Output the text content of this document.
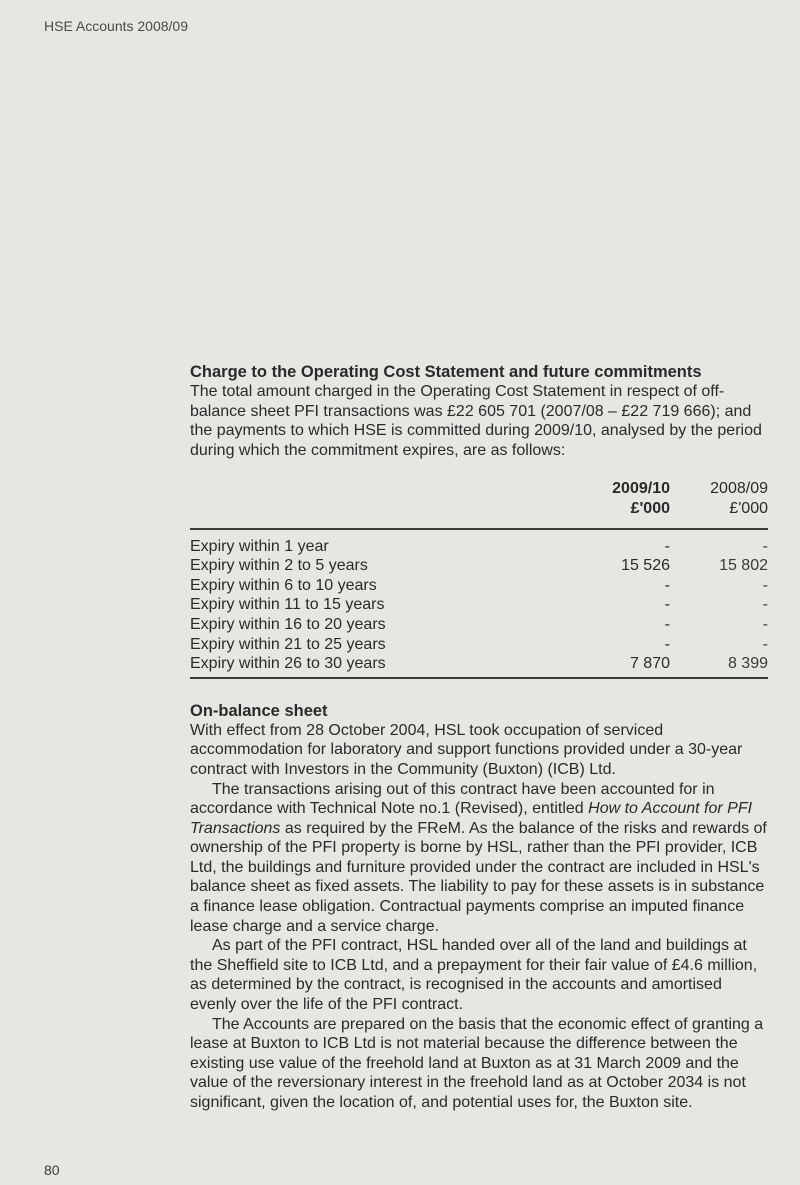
HSE Accounts 2008/09
Charge to the Operating Cost Statement and future commitments

The total amount charged in the Operating Cost Statement in respect of off-balance sheet PFI transactions was £22 605 701 (2007/08 – £22 719 666); and the payments to which HSE is committed during 2009/10, analysed by the period during which the commitment expires, are as follows:

	2009/10	2008/09
	£'000	£'000
Expiry within 1 year	-	-
Expiry within 2 to 5 years	15 526	15 802
Expiry within 6 to 10 years	-	-
Expiry within 11 to 15 years	-	-
Expiry within 16 to 20 years	-	-
Expiry within 21 to 25 years	-	-
Expiry within 26 to 30 years	7 870	8 399
On-balance sheet

With effect from 28 October 2004, HSL took occupation of serviced accommodation for laboratory and support functions provided under a 30-year contract with Investors in the Community (Buxton) (ICB) Ltd.

The transactions arising out of this contract have been accounted for in accordance with Technical Note no.1 (Revised), entitled How to Account for PFI Transactions as required by the FReM. As the balance of the risks and rewards of ownership of the PFI property is borne by HSL, rather than the PFI provider, ICB Ltd, the buildings and furniture provided under the contract are included in HSL's balance sheet as fixed assets. The liability to pay for these assets is in substance a finance lease obligation. Contractual payments comprise an imputed finance lease charge and a service charge.

As part of the PFI contract, HSL handed over all of the land and buildings at the Sheffield site to ICB Ltd, and a prepayment for their fair value of £4.6 million, as determined by the contract, is recognised in the accounts and amortised evenly over the life of the PFI contract.

The Accounts are prepared on the basis that the economic effect of granting a lease at Buxton to ICB Ltd is not material because the difference between the existing use value of the freehold land at Buxton as at 31 March 2009 and the value of the reversionary interest in the freehold land as at October 2034 is not significant, given the location of, and potential uses for, the Buxton site.

80
